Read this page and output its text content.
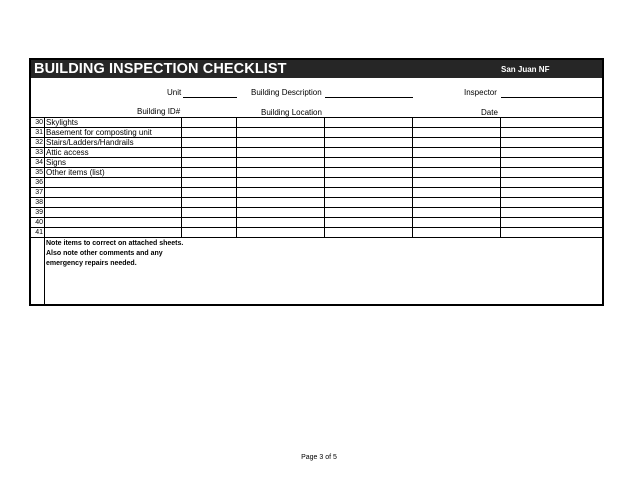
BUILDING INSPECTION CHECKLIST	San Juan NF
Unit	Building Description	Inspector
Building ID#	Building Location	Date
30 Skylights
31 Basement for composting unit
32 Stairs/Ladders/Handrails
33 Attic access
34 Signs
35 Other items (list)
36
37
38
39
40
41
Note items to correct on attached sheets. Also note other comments and any emergency repairs needed.
Page 3 of 5
